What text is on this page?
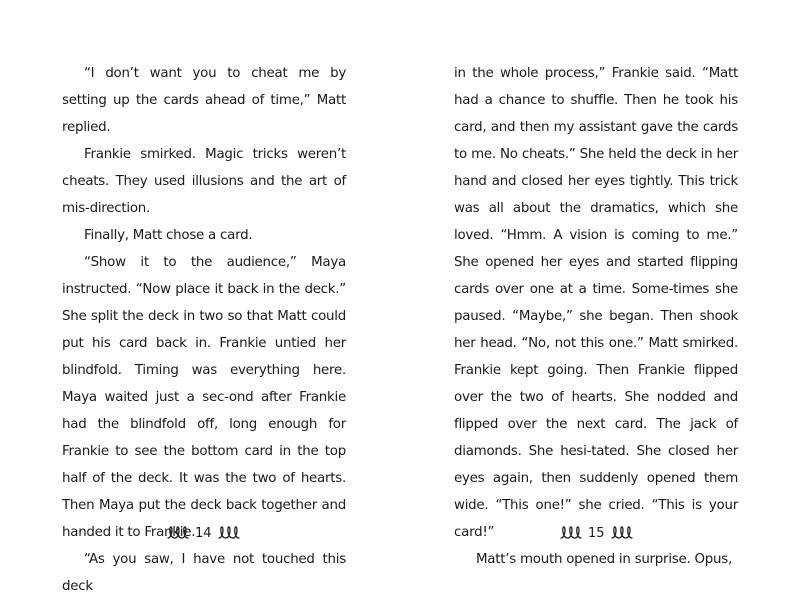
“I don’t want you to cheat me by setting up the cards ahead of time,” Matt replied.

Frankie smirked. Magic tricks weren’t cheats. They used illusions and the art of mis-direction.

Finally, Matt chose a card.

“Show it to the audience,” Maya instructed. “Now place it back in the deck.” She split the deck in two so that Matt could put his card back in. Frankie untied her blindfold. Timing was everything here. Maya waited just a sec-ond after Frankie had the blindfold off, long enough for Frankie to see the bottom card in the top half of the deck. It was the two of hearts. Then Maya put the deck back together and handed it to Frankie.

“As you saw, I have not touched this deck

14

in the whole process,” Frankie said. “Matt had a chance to shuffle. Then he took his card, and then my assistant gave the cards to me. No cheats.” She held the deck in her hand and closed her eyes tightly. This trick was all about the dramatics, which she loved. “Hmm. A vision is coming to me.” She opened her eyes and started flipping cards over one at a time. Some-times she paused. “Maybe,” she began. Then shook her head. “No, not this one.” Matt smirked. Frankie kept going. Then Frankie flipped over the two of hearts. She nodded and flipped over the next card. The jack of diamonds. She hesi-tated. She closed her eyes again, then suddenly opened them wide. “This one!” she cried. “This is your card!”

Matt’s mouth opened in surprise. Opus,

15
